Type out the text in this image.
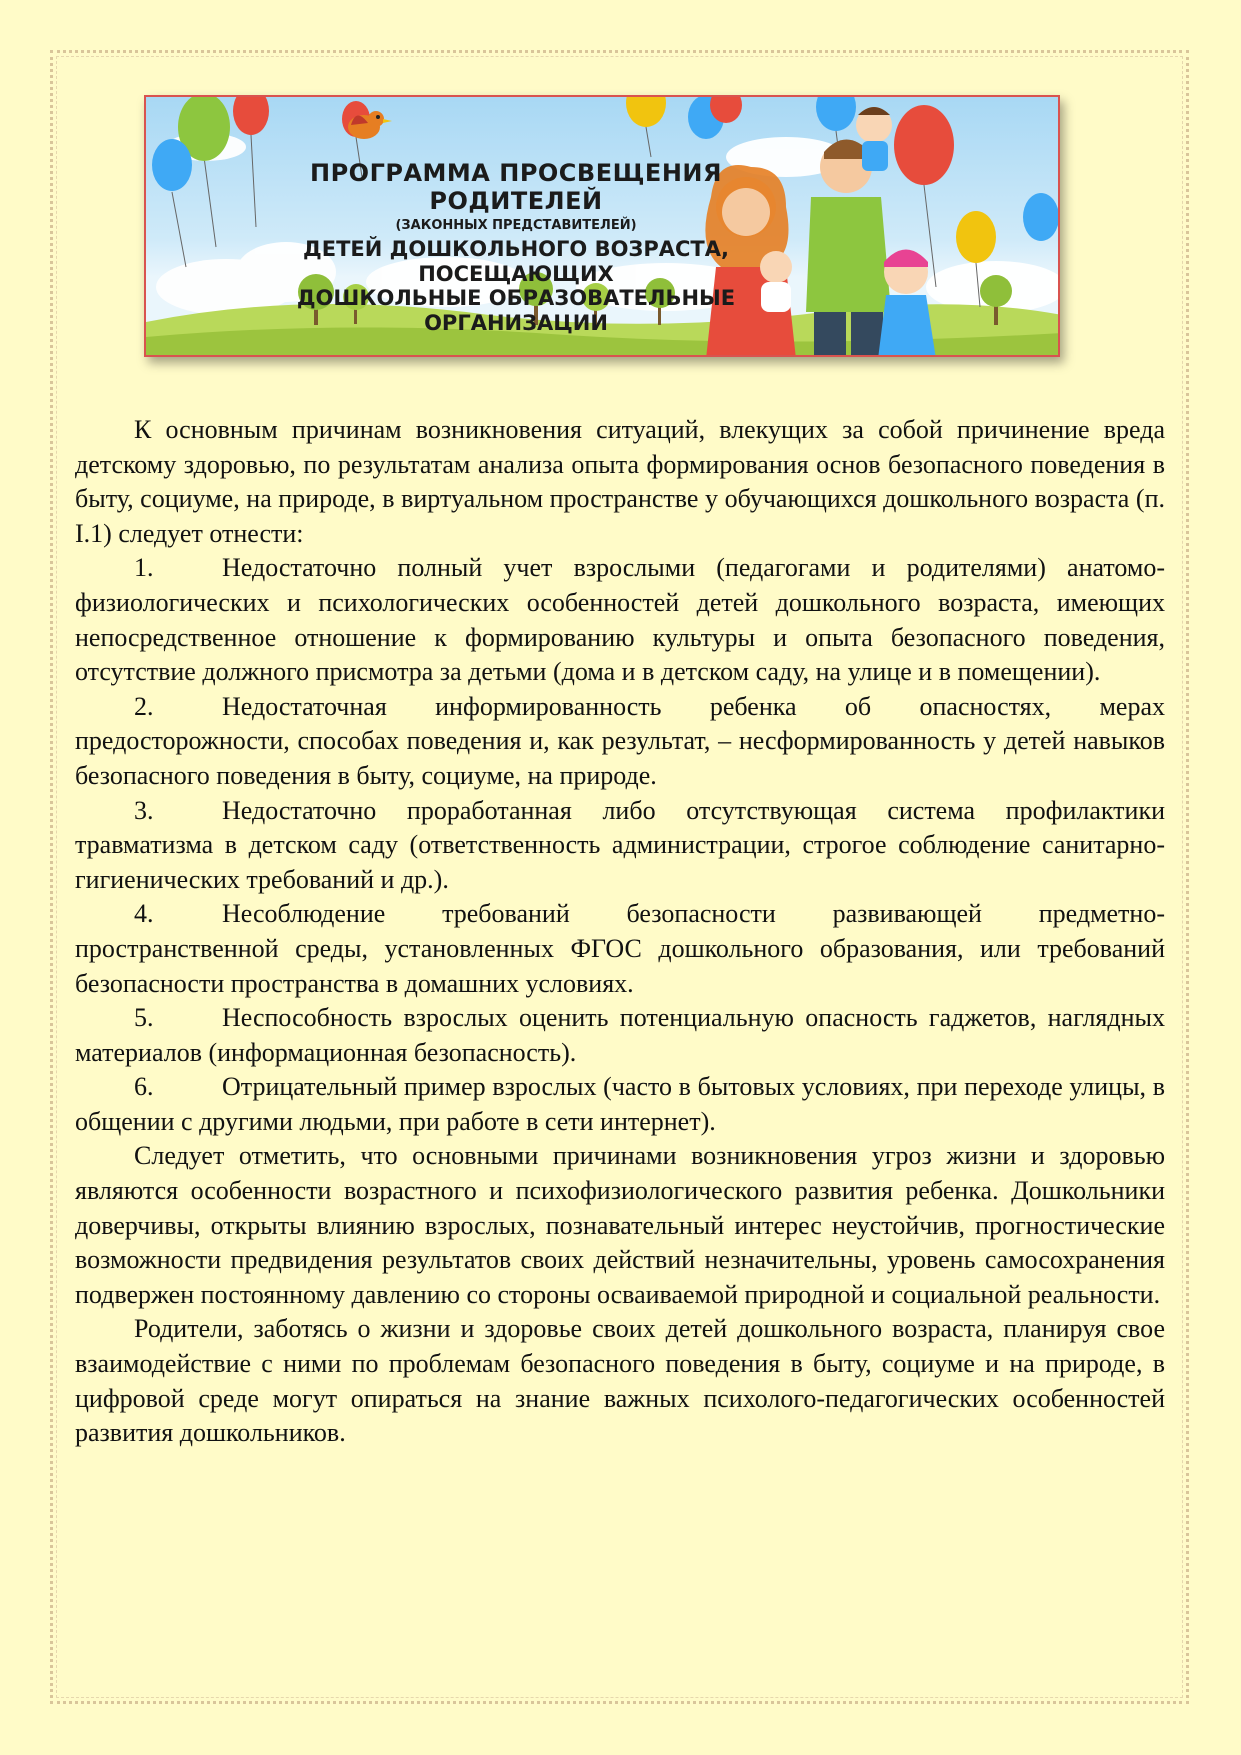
ПРОГРАММА ПРОСВЕЩЕНИЯ РОДИТЕЛЕЙ
(ЗАКОННЫХ ПРЕДСТАВИТЕЛЕЙ)
ДЕТЕЙ ДОШКОЛЬНОГО ВОЗРАСТА, ПОСЕЩАЮЩИХ
ДОШКОЛЬНЫЕ ОБРАЗОВАТЕЛЬНЫЕ ОРГАНИЗАЦИИ

К основным причинам возникновения ситуаций, влекущих за собой причинение вреда детскому здоровью, по результатам анализа опыта формирования основ безопасного поведения в быту, социуме, на природе, в виртуальном пространстве у обучающихся дошкольного возраста (п. I.1) следует отнести:

1.	Недостаточно полный учет взрослыми (педагогами и родителями) анатомо-физиологических и психологических особенностей детей дошкольного возраста, имеющих непосредственное отношение к формированию культуры и опыта безопасного поведения, отсутствие должного присмотра за детьми (дома и в детском саду, на улице и в помещении).

2.	Недостаточная информированность ребенка об опасностях, мерах предосторожности, способах поведения и, как результат, – несформированность у детей навыков безопасного поведения в быту, социуме, на природе.

3.	Недостаточно проработанная либо отсутствующая система профилактики травматизма в детском саду (ответственность администрации, строгое соблюдение санитарно-гигиенических требований и др.).

4.	Несоблюдение требований безопасности развивающей предметно-пространственной среды, установленных ФГОС дошкольного образования, или требований безопасности пространства в домашних условиях.

5.	Неспособность взрослых оценить потенциальную опасность гаджетов, наглядных материалов (информационная безопасность).

6.	Отрицательный пример взрослых (часто в бытовых условиях, при переходе улицы, в общении с другими людьми, при работе в сети интернет).

Следует отметить, что основными причинами возникновения угроз жизни и здоровью являются особенности возрастного и психофизиологического развития ребенка. Дошкольники доверчивы, открыты влиянию взрослых, познавательный интерес неустойчив, прогностические возможности предвидения результатов своих действий незначительны, уровень самосохранения подвержен постоянному давлению со стороны осваиваемой природной и социальной реальности.

Родители, заботясь о жизни и здоровье своих детей дошкольного возраста, планируя свое взаимодействие с ними по проблемам безопасного поведения в быту, социуме и на природе, в цифровой среде могут опираться на знание важных психолого-педагогических особенностей развития дошкольников.
